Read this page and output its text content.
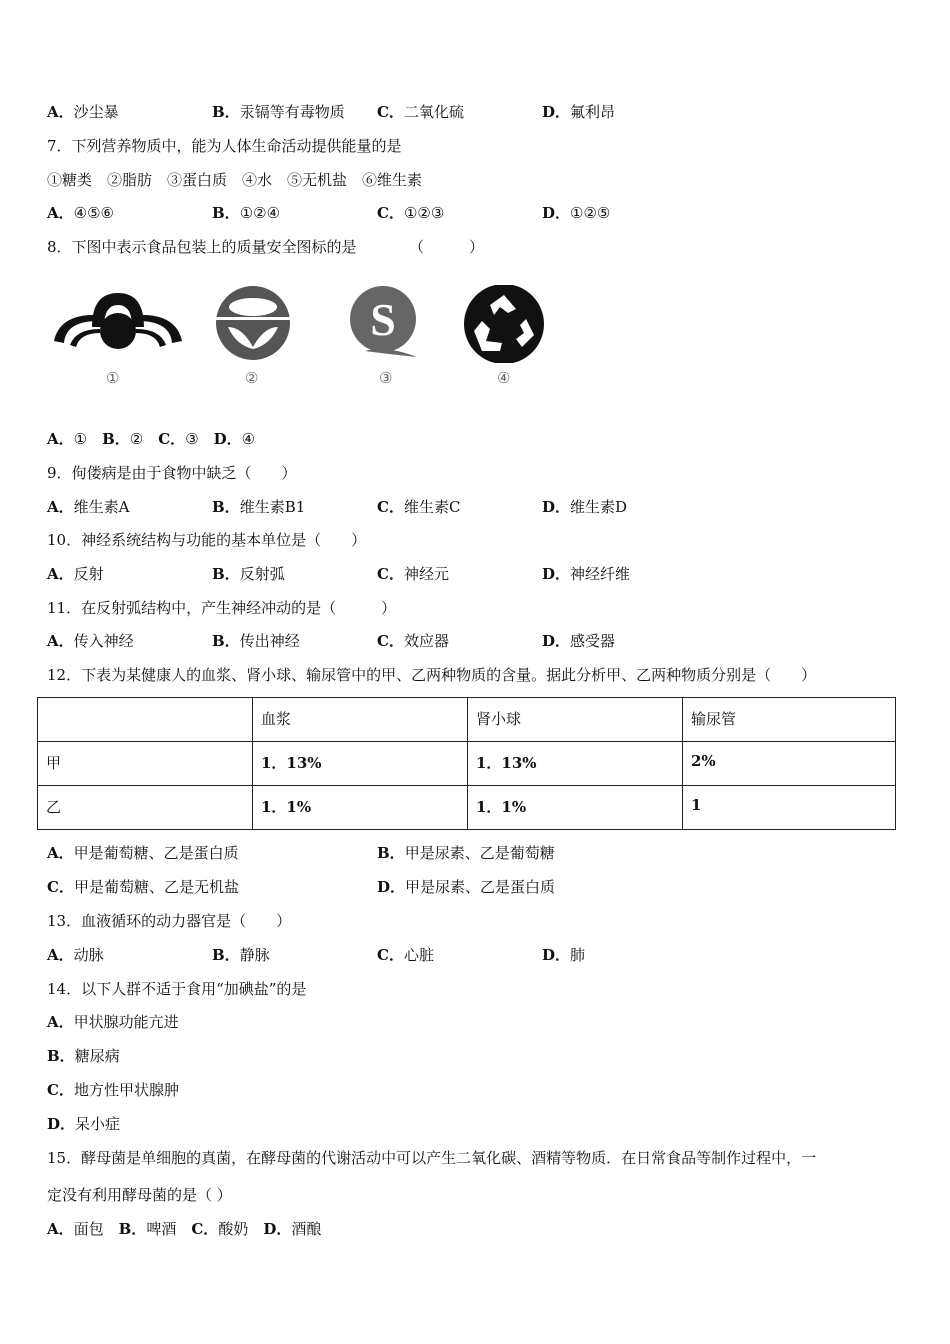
A．沙尘暴	B．汞镉等有毒物质 C．二氧化硫	D．氟利昂
7．下列营养物质中，能为人体生命活动提供能量的是
①糖类　②脂肪　③蛋白质　④水　⑤无机盐　⑥维生素
A．④⑤⑥	B．①②④	C．①②③	D．①②⑤
8．下图中表示食品包装上的质量安全图标的是　　　　（　　　）
S
①	②	③	④
A．①　B．②　C．③　D．④
9．佝偻病是由于食物中缺乏（　　）
A．维生素A	B．维生素B1	C．维生素C	D．维生素D
10．神经系统结构与功能的基本单位是（　　）
A．反射	B．反射弧	C．神经元	D．神经纤维
11．在反射弧结构中，产生神经冲动的是（　　　）
A．传入神经	B．传出神经	C．效应器	D．感受器
12．下表为某健康人的血浆、肾小球、输尿管中的甲、乙两种物质的含量。据此分析甲、乙两种物质分别是（　　）
	血浆	肾小球	输尿管
甲	1．13%	1．13%	2%
乙	1．1%	1．1%	1
A．甲是葡萄糖、乙是蛋白质	B．甲是尿素、乙是葡萄糖
C．甲是葡萄糖、乙是无机盐	D．甲是尿素、乙是蛋白质
13．血液循环的动力器官是（　　）
A．动脉	B．静脉	C．心脏	D．肺
14．以下人群不适于食用“加碘盐”的是
A．甲状腺功能亢进
B．糖尿病
C．地方性甲状腺肿
D．呆小症
15．酵母菌是单细胞的真菌，在酵母菌的代谢活动中可以产生二氧化碳、酒精等物质．在日常食品等制作过程中，一
定没有利用酵母菌的是（ ）
A．面包　B．啤酒　C．酸奶　D．酒酿
